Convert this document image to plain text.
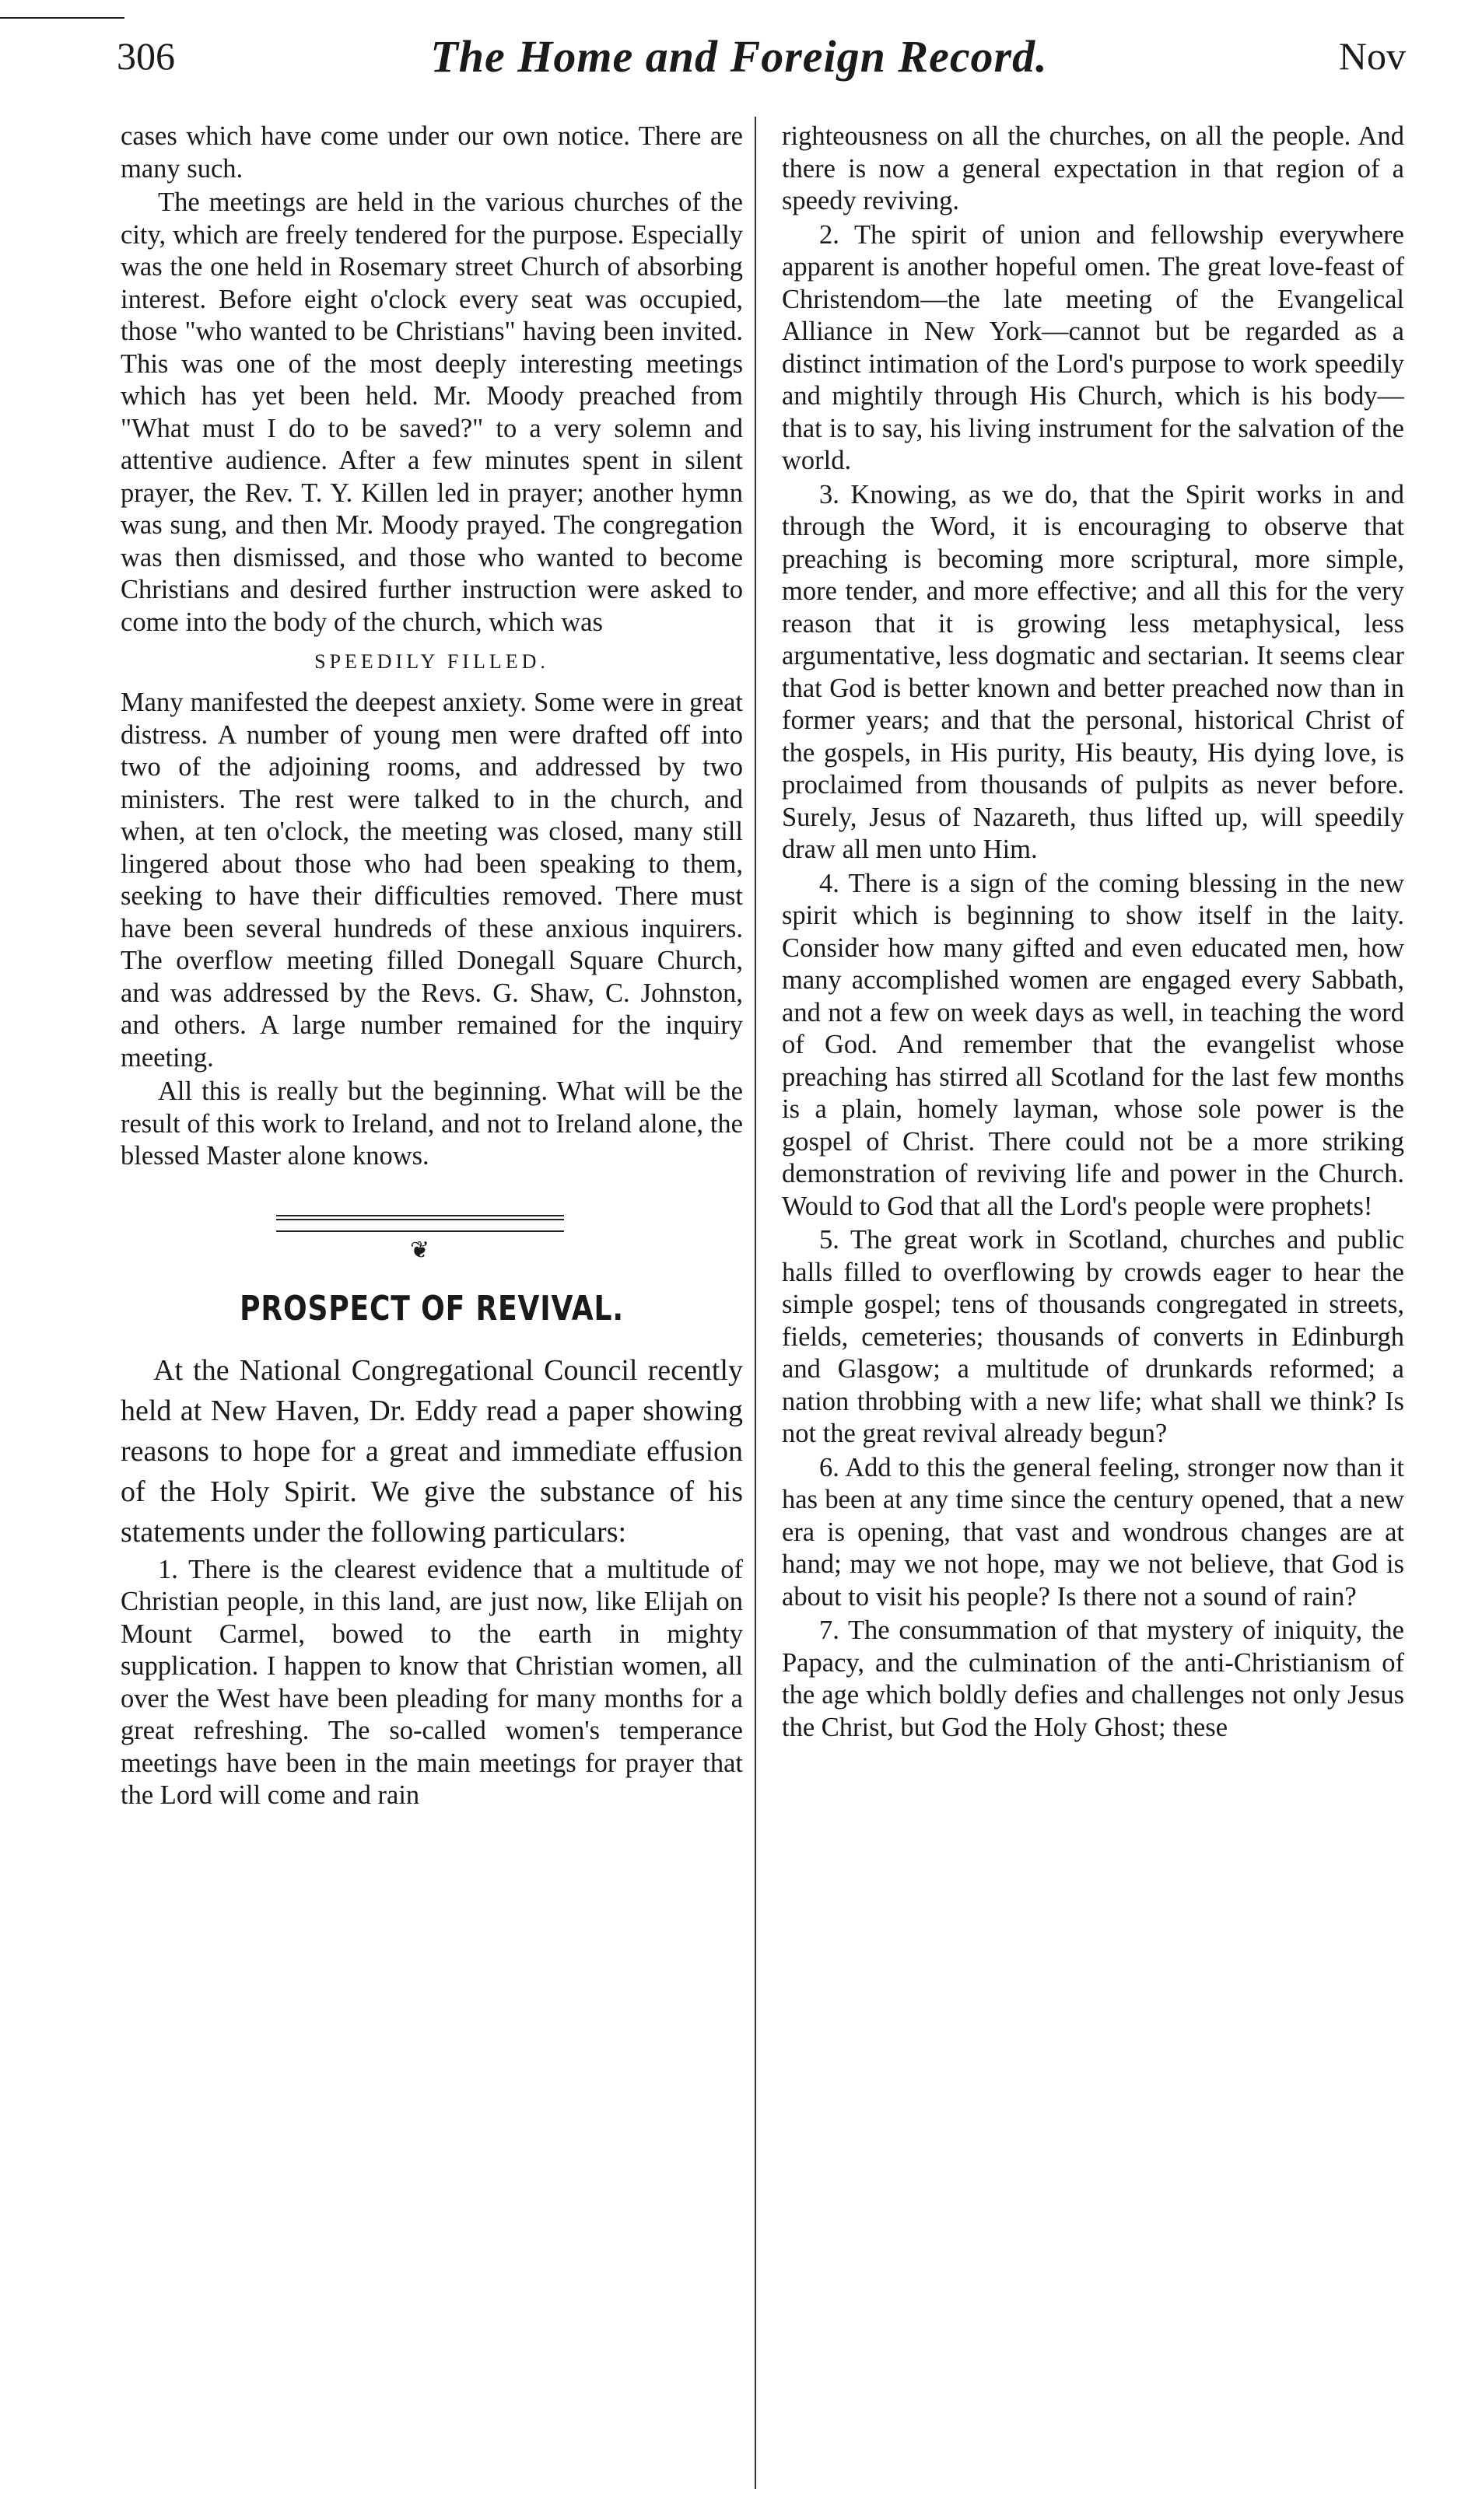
306	The Home and Foreign Record.	Nov

cases which have come under our own notice. There are many such.

The meetings are held in the various churches of the city, which are freely tendered for the purpose. Especially was the one held in Rosemary street Church of absorbing interest. Before eight o'clock every seat was occupied, those "who wanted to be Christians" having been invited. This was one of the most deeply interesting meetings which has yet been held. Mr. Moody preached from "What must I do to be saved?" to a very solemn and attentive audience. After a few minutes spent in silent prayer, the Rev. T. Y. Killen led in prayer; another hymn was sung, and then Mr. Moody prayed. The congregation was then dismissed, and those who wanted to become Christians and desired further instruction were asked to come into the body of the church, which was

SPEEDILY FILLED.

Many manifested the deepest anxiety. Some were in great distress. A number of young men were drafted off into two of the adjoining rooms, and addressed by two ministers. The rest were talked to in the church, and when, at ten o'clock, the meeting was closed, many still lingered about those who had been speaking to them, seeking to have their difficulties removed. There must have been several hundreds of these anxious inquirers. The overflow meeting filled Donegall Square Church, and was addressed by the Revs. G. Shaw, C. Johnston, and others. A large number remained for the inquiry meeting.

All this is really but the beginning. What will be the result of this work to Ireland, and not to Ireland alone, the blessed Master alone knows.

❦
PROSPECT OF REVIVAL.

At the National Congregational Council recently held at New Haven, Dr. Eddy read a paper showing reasons to hope for a great and immediate effusion of the Holy Spirit. We give the substance of his statements under the following particulars:

1. There is the clearest evidence that a multitude of Christian people, in this land, are just now, like Elijah on Mount Carmel, bowed to the earth in mighty supplication. I happen to know that Christian women, all over the West have been pleading for many months for a great refreshing. The so-called women's temperance meetings have been in the main meetings for prayer that the Lord will come and rain

righteousness on all the churches, on all the people. And there is now a general expectation in that region of a speedy reviving.

2. The spirit of union and fellowship everywhere apparent is another hopeful omen. The great love-feast of Christendom—the late meeting of the Evangelical Alliance in New York—cannot but be regarded as a distinct intimation of the Lord's purpose to work speedily and mightily through His Church, which is his body—that is to say, his living instrument for the salvation of the world.

3. Knowing, as we do, that the Spirit works in and through the Word, it is encouraging to observe that preaching is becoming more scriptural, more simple, more tender, and more effective; and all this for the very reason that it is growing less metaphysical, less argumentative, less dogmatic and sectarian. It seems clear that God is better known and better preached now than in former years; and that the personal, historical Christ of the gospels, in His purity, His beauty, His dying love, is proclaimed from thousands of pulpits as never before. Surely, Jesus of Nazareth, thus lifted up, will speedily draw all men unto Him.

4. There is a sign of the coming blessing in the new spirit which is beginning to show itself in the laity. Consider how many gifted and even educated men, how many accomplished women are engaged every Sabbath, and not a few on week days as well, in teaching the word of God. And remember that the evangelist whose preaching has stirred all Scotland for the last few months is a plain, homely layman, whose sole power is the gospel of Christ. There could not be a more striking demonstration of reviving life and power in the Church. Would to God that all the Lord's people were prophets!

5. The great work in Scotland, churches and public halls filled to overflowing by crowds eager to hear the simple gospel; tens of thousands congregated in streets, fields, cemeteries; thousands of converts in Edinburgh and Glasgow; a multitude of drunkards reformed; a nation throbbing with a new life; what shall we think? Is not the great revival already begun?

6. Add to this the general feeling, stronger now than it has been at any time since the century opened, that a new era is opening, that vast and wondrous changes are at hand; may we not hope, may we not believe, that God is about to visit his people? Is there not a sound of rain?

7. The consummation of that mystery of iniquity, the Papacy, and the culmination of the anti-Christianism of the age which boldly defies and challenges not only Jesus the Christ, but God the Holy Ghost; these
